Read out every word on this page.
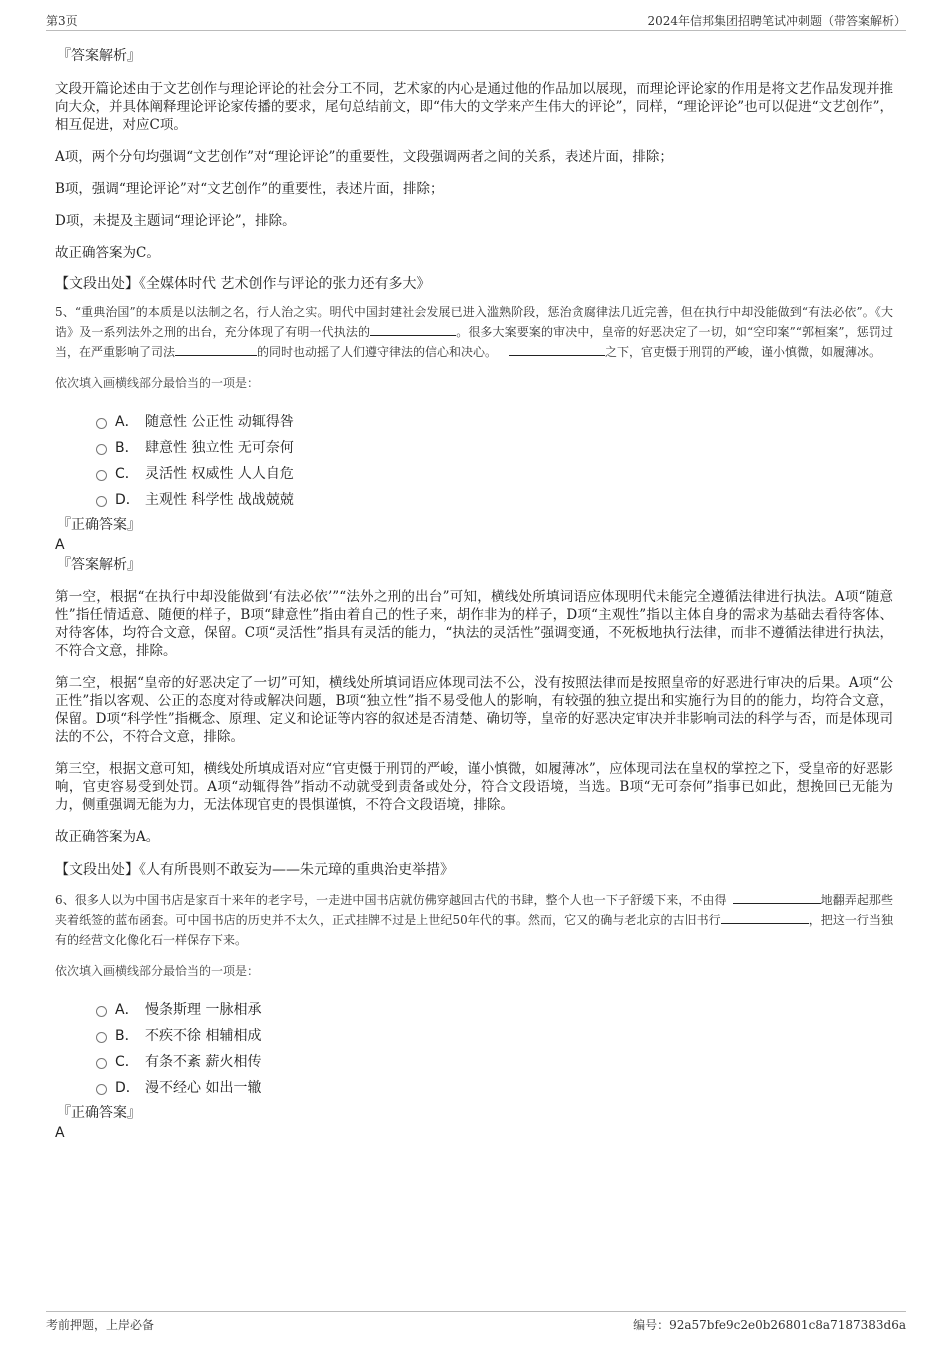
第3页	2024年信邦集团招聘笔试冲刺题（带答案解析）

『答案解析』

文段开篇论述由于文艺创作与理论评论的社会分工不同，艺术家的内心是通过他的作品加以展现，而理论评论家的作用是将文艺作品发现并推向大众，并具体阐释理论评论家传播的要求，尾句总结前文，即“伟大的文学来产生伟大的评论”，同样，“理论评论”也可以促进“文艺创作”，相互促进，对应C项。

A项，两个分句均强调“文艺创作”对“理论评论”的重要性，文段强调两者之间的关系，表述片面，排除；

B项，强调“理论评论”对“文艺创作”的重要性，表述片面，排除；

D项，未提及主题词“理论评论”，排除。

故正确答案为C。

【文段出处】《全媒体时代 艺术创作与评论的张力还有多大》

5、“重典治国”的本质是以法制之名，行人治之实。明代中国封建社会发展已进入滥熟阶段，惩治贪腐律法几近完善，但在执行中却没能做到“有法必依”。《大诰》及一系列法外之刑的出台，充分体现了有明一代执法的	。很多大案要案的审决中，皇帝的好恶决定了一切，如“空印案”“郭桓案”，惩罚过当，在严重影响了司法	的同时也动摇了人们遵守律法的信心和决心。	之下，官吏慑于刑罚的严峻，谨小慎微，如履薄冰。

依次填入画横线部分最恰当的一项是：

A． 随意性 公正性 动辄得咎
B． 肆意性 独立性 无可奈何
C． 灵活性 权威性 人人自危
D． 主观性 科学性 战战兢兢

『正确答案』

A

『答案解析』

第一空，根据“在执行中却没能做到‘有法必依’”“法外之刑的出台”可知，横线处所填词语应体现明代未能完全遵循法律进行执法。A项“随意性”指任情适意、随便的样子，B项“肆意性”指由着自己的性子来，胡作非为的样子，D项“主观性”指以主体自身的需求为基础去看待客体、对待客体，均符合文意，保留。C项“灵活性”指具有灵活的能力，“执法的灵活性”强调变通，不死板地执行法律，而非不遵循法律进行执法，不符合文意，排除。

第二空，根据“皇帝的好恶决定了一切”可知，横线处所填词语应体现司法不公，没有按照法律而是按照皇帝的好恶进行审决的后果。A项“公正性”指以客观、公正的态度对待或解决问题，B项“独立性”指不易受他人的影响，有较强的独立提出和实施行为目的的能力，均符合文意，保留。D项“科学性”指概念、原理、定义和论证等内容的叙述是否清楚、确切等，皇帝的好恶决定审决并非影响司法的科学与否，而是体现司法的不公，不符合文意，排除。

第三空，根据文意可知，横线处所填成语对应“官吏慑于刑罚的严峻，谨小慎微，如履薄冰”，应体现司法在皇权的掌控之下，受皇帝的好恶影响，官吏容易受到处罚。A项“动辄得咎”指动不动就受到责备或处分，符合文段语境，当选。B项“无可奈何”指事已如此，想挽回已无能为力，侧重强调无能为力，无法体现官吏的畏惧谨慎，不符合文段语境，排除。

故正确答案为A。

【文段出处】《人有所畏则不敢妄为——朱元璋的重典治吏举措》

6、很多人以为中国书店是家百十来年的老字号，一走进中国书店就仿佛穿越回古代的书肆，整个人也一下子舒缓下来，不由得	地翻弄起那些夹着纸签的蓝布函套。可中国书店的历史并不太久，正式挂牌不过是上世纪50年代的事。然而，它又的确与老北京的古旧书行	，把这一行当独有的经营文化像化石一样保存下来。

依次填入画横线部分最恰当的一项是：

A． 慢条斯理 一脉相承
B． 不疾不徐 相辅相成
C． 有条不紊 薪火相传
D． 漫不经心 如出一辙

『正确答案』

A

考前押题，上岸必备	编号：92a57bfe9c2e0b26801c8a7187383d6a
